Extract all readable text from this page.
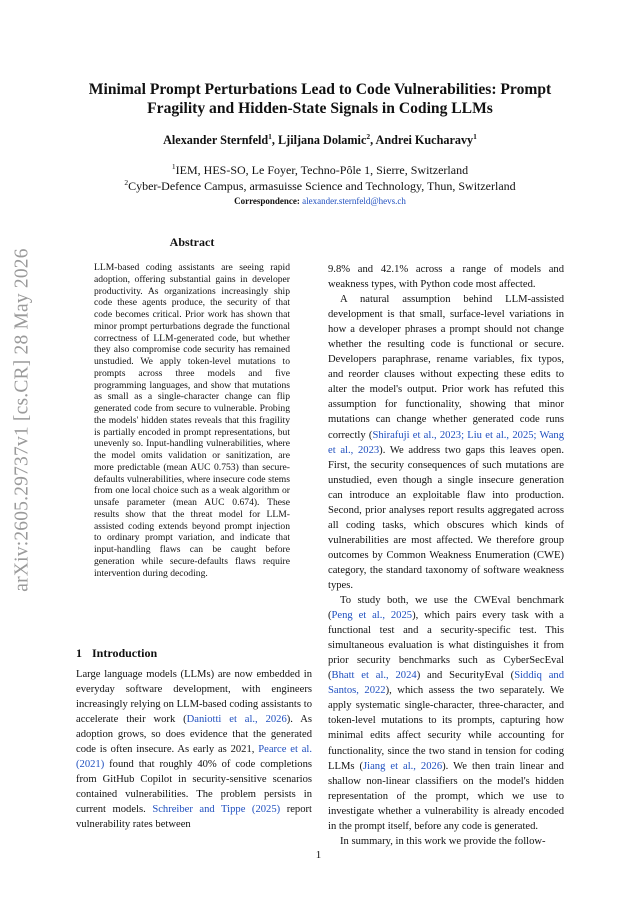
arXiv:2605.29737v1 [cs.CR] 28 May 2026
Minimal Prompt Perturbations Lead to Code Vulnerabilities: Prompt
Fragility and Hidden-State Signals in Coding LLMs
Alexander Sternfeld$^1$, Ljiljana Dolamic$^2$, Andrei Kucharavy$^1$
$^1$IEM, HES-SO, Le Foyer, Techno-Pôle 1, Sierre, Switzerland
$^2$Cyber-Defence Campus, armasuisse Science and Technology, Thun, Switzerland
Correspondence: alexander.sternfeld@hevs.ch
Abstract
LLM-based coding assistants are seeing rapid adoption, offering substantial gains in developer productivity. As organizations increasingly ship code these agents produce, the security of that code becomes critical. Prior work has shown that minor prompt perturbations degrade the functional correctness of LLM-generated code, but whether they also compromise code security has remained unstudied. We apply token-level mutations to prompts across three models and five programming languages, and show that mutations as small as a single-character change can flip generated code from secure to vulnerable. Probing the models' hidden states reveals that this fragility is partially encoded in prompt representations, but unevenly so. Input-handling vulnerabilities, where the model omits validation or sanitization, are more predictable (mean AUC 0.753) than secure-defaults vulnerabilities, where insecure code stems from one local choice such as a weak algorithm or unsafe parameter (mean AUC 0.674). These results show that the threat model for LLM-assisted coding extends beyond prompt injection to ordinary prompt variation, and indicate that input-handling flaws can be caught before generation while secure-defaults flaws require intervention during decoding.
1 Introduction
Large language models (LLMs) are now embedded in everyday software development, with engineers increasingly relying on LLM-based coding assistants to accelerate their work (Daniotti et al., 2026). As adoption grows, so does evidence that the generated code is often insecure. As early as 2021, Pearce et al. (2021) found that roughly 40% of code completions from GitHub Copilot in security-sensitive scenarios contained vulnerabilities. The problem persists in current models. Schreiber and Tippe (2025) report vulnerability rates between

9.8% and 42.1% across a range of models and weakness types, with Python code most affected.

A natural assumption behind LLM-assisted development is that small, surface-level variations in how a developer phrases a prompt should not change whether the resulting code is functional or secure. Developers paraphrase, rename variables, fix typos, and reorder clauses without expecting these edits to alter the model's output. Prior work has refuted this assumption for functionality, showing that minor mutations can change whether generated code runs correctly (Shirafuji et al., 2023; Liu et al., 2025; Wang et al., 2023). We address two gaps this leaves open. First, the security consequences of such mutations are unstudied, even though a single insecure generation can introduce an exploitable flaw into production. Second, prior analyses report results aggregated across all coding tasks, which obscures which kinds of vulnerabilities are most affected. We therefore group outcomes by Common Weakness Enumeration (CWE) category, the standard taxonomy of software weakness types.

To study both, we use the CWEval benchmark (Peng et al., 2025), which pairs every task with a functional test and a security-specific test. This simultaneous evaluation is what distinguishes it from prior security benchmarks such as CyberSecEval (Bhatt et al., 2024) and SecurityEval (Siddiq and Santos, 2022), which assess the two separately. We apply systematic single-character, three-character, and token-level mutations to its prompts, capturing how minimal edits affect security while accounting for functionality, since the two stand in tension for coding LLMs (Jiang et al., 2026). We then train linear and shallow non-linear classifiers on the model's hidden representation of the prompt, which we use to investigate whether a vulnerability is already encoded in the prompt itself, before any code is generated.

In summary, in this work we provide the follow-

1
